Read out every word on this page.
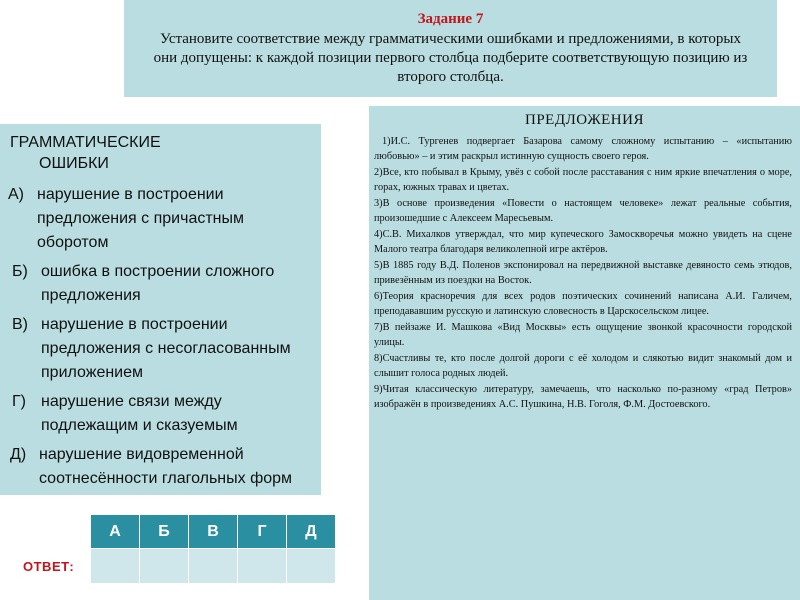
Задание 7
Установите соответствие между грамматическими ошибками и предложениями, в которых они допущены: к каждой позиции первого столбца подберите соответствующую позицию из второго столбца.
ГРАММАТИЧЕСКИЕ
ОШИБКИ
А) нарушение в построении предложения с причастным оборотом
Б) ошибка в построении сложного предложения
В) нарушение в построении предложения с несогласованным приложением
Г) нарушение связи между подлежащим и сказуемым
Д) нарушение видовременной соотнесённости глагольных форм
ПРЕДЛОЖЕНИЯ

1)И.С. Тургенев подвергает Базарова самому сложному испытанию – «испытанию любовью» – и этим раскрыл истинную сущность своего героя.

2)Все, кто побывал в Крыму, увёз с собой после расставания с ним яркие впечатления о море, горах, южных травах и цветах.

3)В основе произведения «Повести о настоящем человеке» лежат реальные события, произошедшие с Алексеем Маресьевым.

4)С.В. Михалков утверждал, что мир купеческого Замоскворечья можно увидеть на сцене Малого театра благодаря великолепной игре актёров.

5)В 1885 году В.Д. Поленов экспонировал на передвижной выставке девяносто семь этюдов, привезённым из поездки на Восток.

6)Теория красноречия для всех родов поэтических сочинений написана А.И. Галичем, преподававшим русскую и латинскую словесность в Царскосельском лицее.

7)В пейзаже И. Машкова «Вид Москвы» есть ощущение звонкой красочности городской улицы.

8)Счастливы те, кто после долгой дороги с её холодом и слякотью видит знакомый дом и слышит голоса родных людей.

9)Читая классическую литературу, замечаешь, что насколько по-разному «град Петров» изображён в произведениях А.С. Пушкина, Н.В. Гоголя, Ф.М. Достоевского.

А	Б	В	Г	Д

ОТВЕТ:
